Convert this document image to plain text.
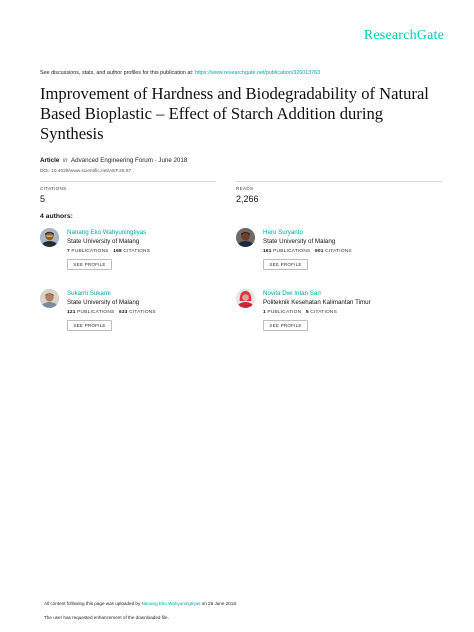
ResearchGate
See discussions, stats, and author profiles for this publication at: https://www.researchgate.net/publication/326013763
Improvement of Hardness and Biodegradability of Natural Based Bioplastic – Effect of Starch Addition during Synthesis
Article in Advanced Engineering Forum · June 2018
DOI: 10.4028/www.scientific.net/AEF.28.57
CITATIONS
5
READS
2,266
4 authors:
Nanang Eko Wahyuningtiyas
State University of Malang
7 PUBLICATIONS 168 CITATIONS
SEE PROFILE
Heru Suryanto
State University of Malang
161 PUBLICATIONS 901 CITATIONS
SEE PROFILE
Sukarni Sukarni
State University of Malang
121 PUBLICATIONS 633 CITATIONS
SEE PROFILE
Novita Dwi Intan Sari
Politeknik Kesehatan Kalimantan Timur
1 PUBLICATION 5 CITATIONS
SEE PROFILE
All content following this page was uploaded by Nanang Eko Wahyuningtiyas on 28 June 2018.
The user has requested enhancement of the downloaded file.
